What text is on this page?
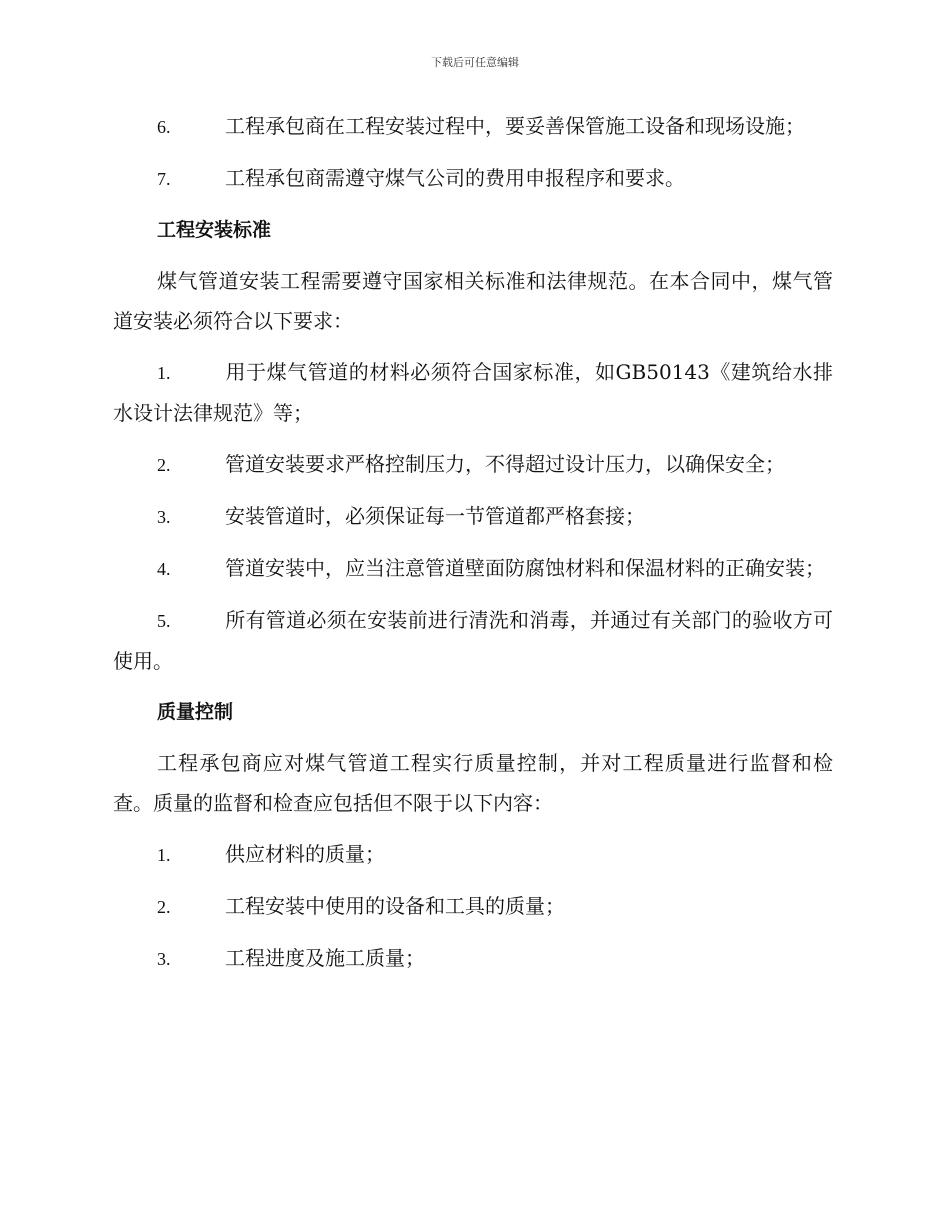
下载后可任意编辑
6.	工程承包商在工程安装过程中，要妥善保管施工设备和现场设施；
7.	工程承包商需遵守煤气公司的费用申报程序和要求。
工程安装标准
煤气管道安装工程需要遵守国家相关标准和法律规范。在本合同中，煤气管道安装必须符合以下要求：
1.	用于煤气管道的材料必须符合国家标准，如GB50143《建筑给水排水设计法律规范》等；
2.	管道安装要求严格控制压力，不得超过设计压力，以确保安全；
3.	安装管道时，必须保证每一节管道都严格套接；
4.	管道安装中，应当注意管道壁面防腐蚀材料和保温材料的正确安装；
5.	所有管道必须在安装前进行清洗和消毒，并通过有关部门的验收方可使用。
质量控制
工程承包商应对煤气管道工程实行质量控制，并对工程质量进行监督和检查。质量的监督和检查应包括但不限于以下内容：
1.	供应材料的质量；
2.	工程安装中使用的设备和工具的质量；
3.	工程进度及施工质量；
